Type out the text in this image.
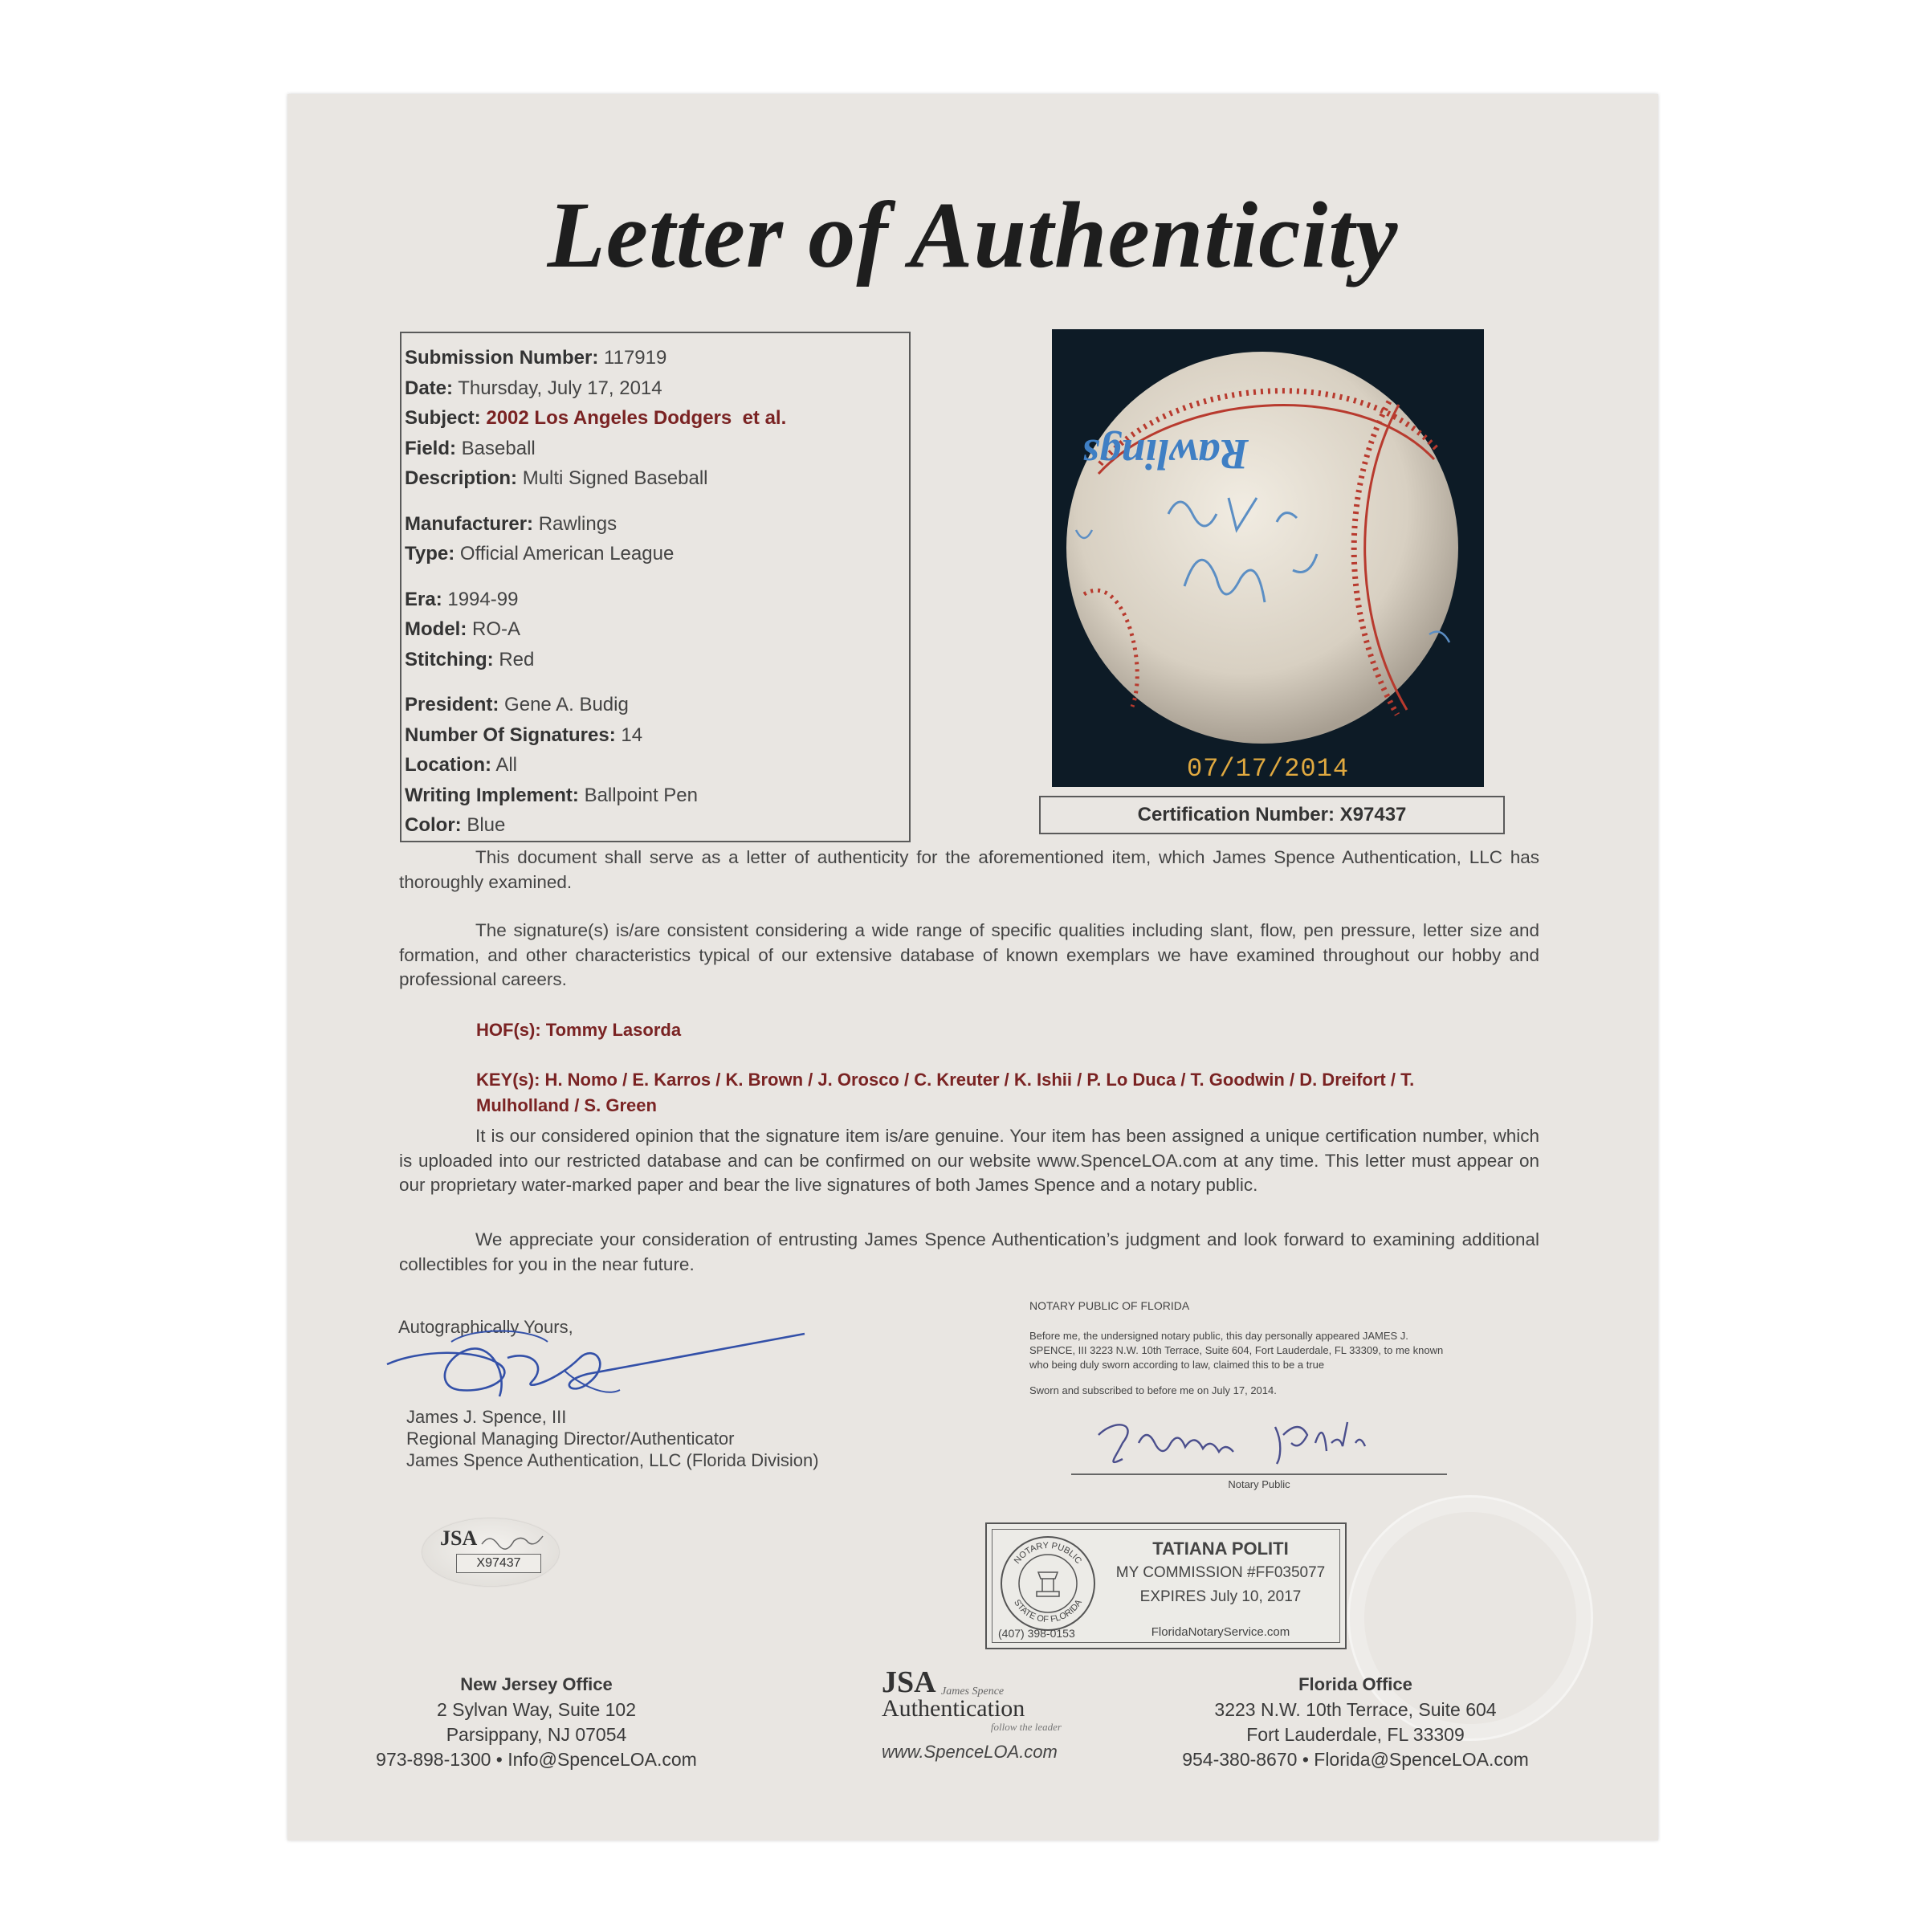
Letter of Authenticity
Submission Number: 117919
Date: Thursday, July 17, 2014
Subject: 2002 Los Angeles Dodgers  et al.
Field: Baseball
Description: Multi Signed Baseball
Manufacturer: Rawlings
Type: Official American League
Era: 1994-99
Model: RO-A
Stitching: Red
President: Gene A. Budig
Number Of Signatures: 14
Location: All
Writing Implement: Ballpoint Pen
Color: Blue
Rawlings
07/17/2014
Certification Number: X97437
This document shall serve as a letter of authenticity for the aforementioned item, which James Spence Authentication, LLC has thoroughly examined.
The signature(s) is/are consistent considering a wide range of specific qualities including slant, flow, pen pressure, letter size and formation, and other characteristics typical of our extensive database of known exemplars we have examined throughout our hobby and professional careers.
HOF(s): Tommy Lasorda
KEY(s): H. Nomo / E. Karros / K. Brown / J. Orosco / C. Kreuter / K. Ishii / P. Lo Duca / T. Goodwin / D. Dreifort / T. Mulholland / S. Green
It is our considered opinion that the signature item is/are genuine. Your item has been assigned a unique certification number, which is uploaded into our restricted database and can be confirmed on our website www.SpenceLOA.com at any time. This letter must appear on our proprietary water-marked paper and bear the live signatures of both James Spence and a notary public.
We appreciate your consideration of entrusting James Spence Authentication’s judgment and look forward to examining additional collectibles for you in the near future.
Autographically Yours,
James J. Spence, III
Regional Managing Director/Authenticator
James Spence Authentication, LLC (Florida Division)
NOTARY PUBLIC OF FLORIDA
Before me, the undersigned notary public, this day personally appeared JAMES J. SPENCE, III 3223 N.W. 10th Terrace, Suite 604, Fort Lauderdale, FL 33309, to me known who being duly sworn according to law, claimed this to be a true
Sworn and subscribed to before me on July 17, 2014.
Notary Public
NOTARY PUBLIC
STATE OF FLORIDA
TATIANA POLITI
MY COMMISSION #FF035077
EXPIRES July 10, 2017
(407) 398-0153	FloridaNotaryService.com
JSA
X97437
New Jersey Office
2 Sylvan Way, Suite 102
Parsippany, NJ 07054
973-898-1300 • Info@SpenceLOA.com
JSA James Spence
Authentication
follow the leader
www.SpenceLOA.com
Florida Office
3223 N.W. 10th Terrace, Suite 604
Fort Lauderdale, FL 33309
954-380-8670 • Florida@SpenceLOA.com
